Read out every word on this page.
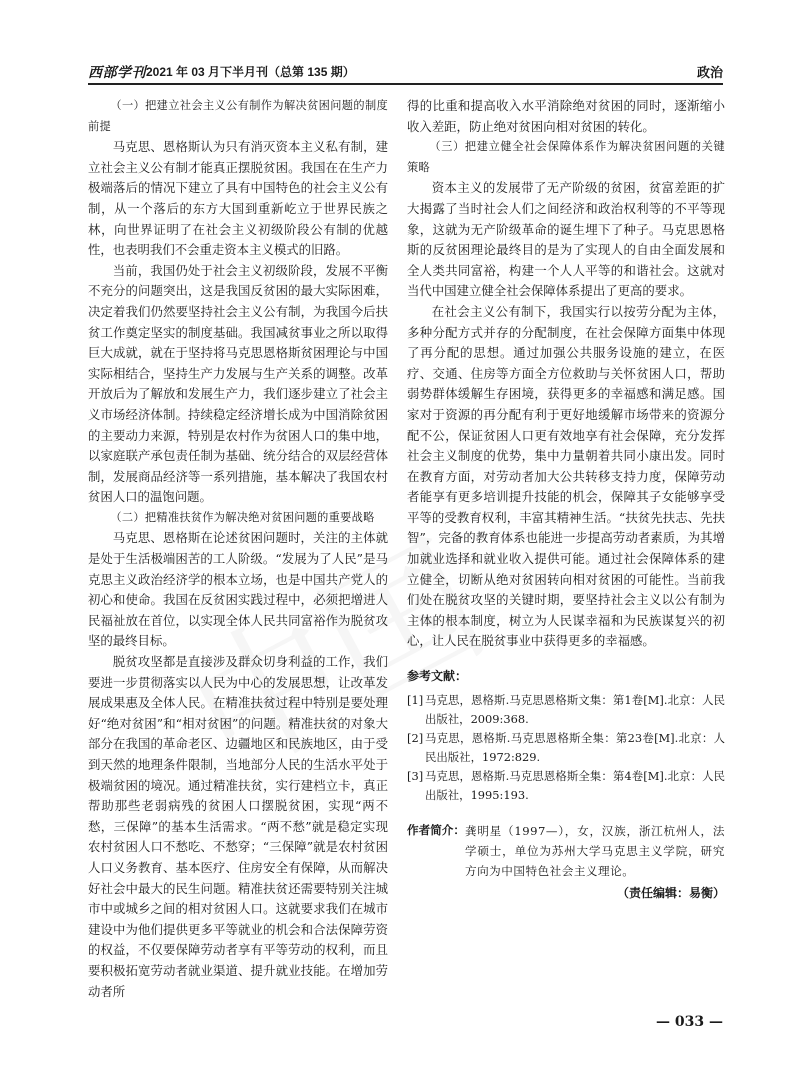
西部学刊 2021 年 03 月下半月刊（总第 135 期）	政治

（一）把建立社会主义公有制作为解决贫困问题的制度前提

马克思、恩格斯认为只有消灭资本主义私有制，建立社会主义公有制才能真正摆脱贫困。我国在在生产力极端落后的情况下建立了具有中国特色的社会主义公有制，从一个落后的东方大国到重新屹立于世界民族之林，向世界证明了在社会主义初级阶段公有制的优越性，也表明我们不会重走资本主义模式的旧路。

当前，我国仍处于社会主义初级阶段，发展不平衡不充分的问题突出，这是我国反贫困的最大实际困难，决定着我们仍然要坚持社会主义公有制，为我国今后扶贫工作奠定坚实的制度基础。我国减贫事业之所以取得巨大成就，就在于坚持将马克思恩格斯贫困理论与中国实际相结合，坚持生产力发展与生产关系的调整。改革开放后为了解放和发展生产力，我们逐步建立了社会主义市场经济体制。持续稳定经济增长成为中国消除贫困的主要动力来源，特别是农村作为贫困人口的集中地，以家庭联产承包责任制为基础、统分结合的双层经营体制，发展商品经济等一系列措施，基本解决了我国农村贫困人口的温饱问题。

（二）把精准扶贫作为解决绝对贫困问题的重要战略

马克思、恩格斯在论述贫困问题时，关注的主体就是处于生活极端困苦的工人阶级。“发展为了人民”是马克思主义政治经济学的根本立场，也是中国共产党人的初心和使命。我国在反贫困实践过程中，必须把增进人民福祉放在首位，以实现全体人民共同富裕作为脱贫攻坚的最终目标。

脱贫攻坚都是直接涉及群众切身利益的工作，我们要进一步贯彻落实以人民为中心的发展思想，让改革发展成果惠及全体人民。在精准扶贫过程中特别是要处理好“绝对贫困”和“相对贫困”的问题。精准扶贫的对象大部分在我国的革命老区、边疆地区和民族地区，由于受到天然的地理条件限制，当地部分人民的生活水平处于极端贫困的境况。通过精准扶贫，实行建档立卡，真正帮助那些老弱病残的贫困人口摆脱贫困，实现“两不愁，三保障”的基本生活需求。“两不愁”就是稳定实现农村贫困人口不愁吃、不愁穿；“三保障”就是农村贫困人口义务教育、基本医疗、住房安全有保障，从而解决好社会中最大的民生问题。精准扶贫还需要特别关注城市中或城乡之间的相对贫困人口。这就要求我们在城市建设中为他们提供更多平等就业的机会和合法保障劳资的权益，不仅要保障劳动者享有平等劳动的权利，而且要积极拓宽劳动者就业渠道、提升就业技能。在增加劳动者所

得的比重和提高收入水平消除绝对贫困的同时，逐渐缩小收入差距，防止绝对贫困向相对贫困的转化。

（三）把建立健全社会保障体系作为解决贫困问题的关键策略

资本主义的发展带了无产阶级的贫困，贫富差距的扩大揭露了当时社会人们之间经济和政治权利等的不平等现象，这就为无产阶级革命的诞生埋下了种子。马克思恩格斯的反贫困理论最终目的是为了实现人的自由全面发展和全人类共同富裕，构建一个人人平等的和谐社会。这就对当代中国建立健全社会保障体系提出了更高的要求。

在社会主义公有制下，我国实行以按劳分配为主体，多种分配方式并存的分配制度，在社会保障方面集中体现了再分配的思想。通过加强公共服务设施的建立，在医疗、交通、住房等方面全方位救助与关怀贫困人口，帮助弱势群体缓解生存困境，获得更多的幸福感和满足感。国家对于资源的再分配有利于更好地缓解市场带来的资源分配不公，保证贫困人口更有效地享有社会保障，充分发挥社会主义制度的优势，集中力量朝着共同小康出发。同时在教育方面，对劳动者加大公共转移支持力度，保障劳动者能享有更多培训提升技能的机会，保障其子女能够享受平等的受教育权利，丰富其精神生活。“扶贫先扶志、先扶智”，完备的教育体系也能进一步提高劳动者素质，为其增加就业选择和就业收入提供可能。通过社会保障体系的建立健全，切断从绝对贫困转向相对贫困的可能性。当前我们处在脱贫攻坚的关键时期，要坚持社会主义以公有制为主体的根本制度，树立为人民谋幸福和为民族谋复兴的初心，让人民在脱贫事业中获得更多的幸福感。

参考文献：
[1] 马克思，恩格斯.马克思恩格斯文集：第1卷[M].北京：人民出版社，2009:368.
[2] 马克思，恩格斯.马克思恩格斯全集：第23卷[M].北京：人民出版社，1972:829.
[3] 马克思，恩格斯.马克思恩格斯全集：第4卷[M].北京：人民出版社，1995:193.
作者简介： 龚明星（1997—），女，汉族，浙江杭州人，法学硕士，单位为苏州大学马克思主义学院，研究方向为中国特色社会主义理论。
（责任编辑：易衡）
— 033 —
